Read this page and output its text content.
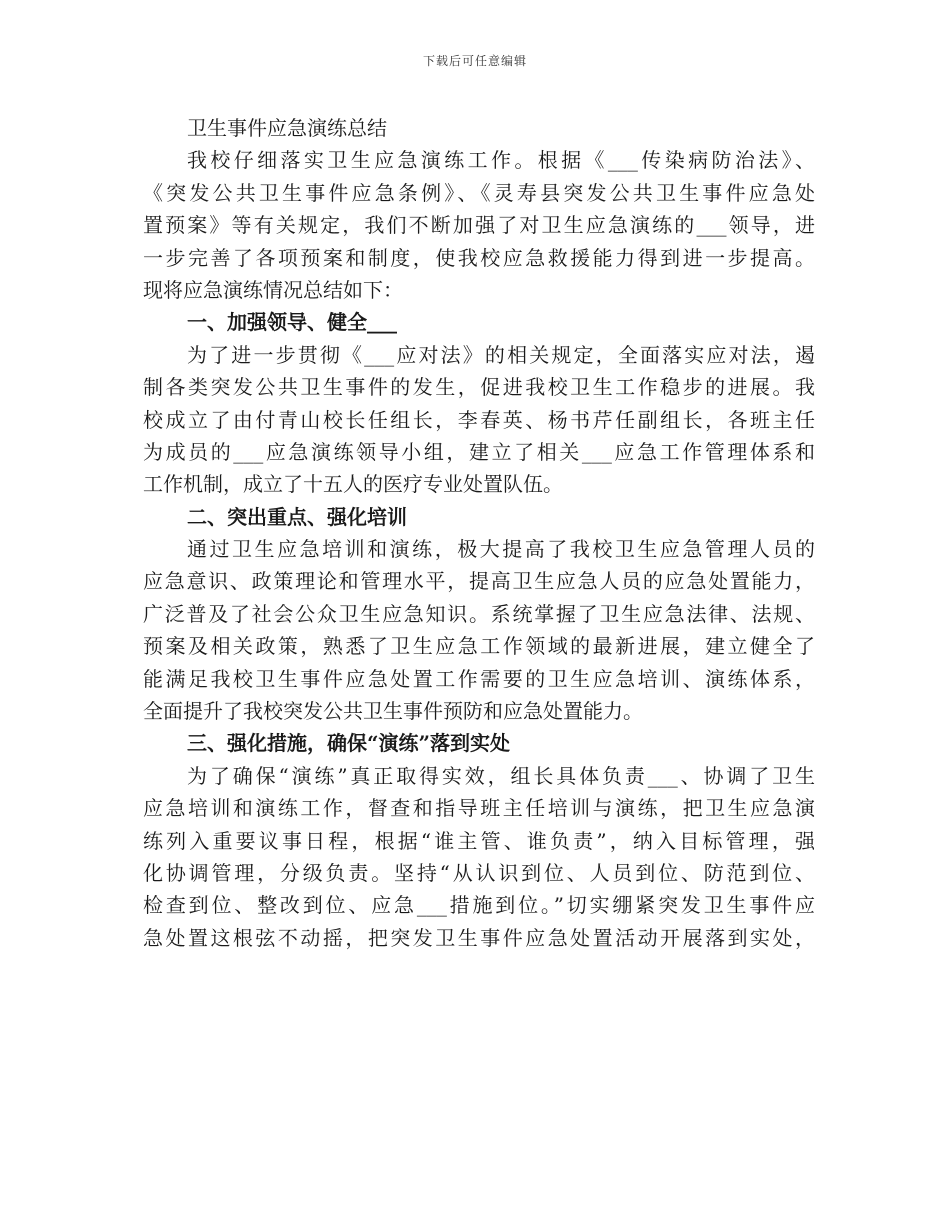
下载后可任意编辑
卫生事件应急演练总结
我校仔细落实卫生应急演练工作。根据《___传染病防治法》、
《突发公共卫生事件应急条例》、《灵寿县突发公共卫生事件应急处
置预案》等有关规定，我们不断加强了对卫生应急演练的___领导，进
一步完善了各项预案和制度，使我校应急救援能力得到进一步提高。
现将应急演练情况总结如下：
一、加强领导、健全___
为了进一步贯彻《___应对法》的相关规定，全面落实应对法，遏
制各类突发公共卫生事件的发生，促进我校卫生工作稳步的进展。我
校成立了由付青山校长任组长，李春英、杨书芹任副组长，各班主任
为成员的___应急演练领导小组，建立了相关___应急工作管理体系和
工作机制，成立了十五人的医疗专业处置队伍。
二、突出重点、强化培训
通过卫生应急培训和演练，极大提高了我校卫生应急管理人员的
应急意识、政策理论和管理水平，提高卫生应急人员的应急处置能力，
广泛普及了社会公众卫生应急知识。系统掌握了卫生应急法律、法规、
预案及相关政策，熟悉了卫生应急工作领域的最新进展，建立健全了
能满足我校卫生事件应急处置工作需要的卫生应急培训、演练体系，
全面提升了我校突发公共卫生事件预防和应急处置能力。
三、强化措施，确保“演练”落到实处
为了确保“演练”真正取得实效，组长具体负责___、协调了卫生
应急培训和演练工作，督查和指导班主任培训与演练，把卫生应急演
练列入重要议事日程，根据“谁主管、谁负责”，纳入目标管理，强
化协调管理，分级负责。坚持“从认识到位、人员到位、防范到位、
检查到位、整改到位、应急___措施到位。”切实绷紧突发卫生事件应
急处置这根弦不动摇，把突发卫生事件应急处置活动开展落到实处，
